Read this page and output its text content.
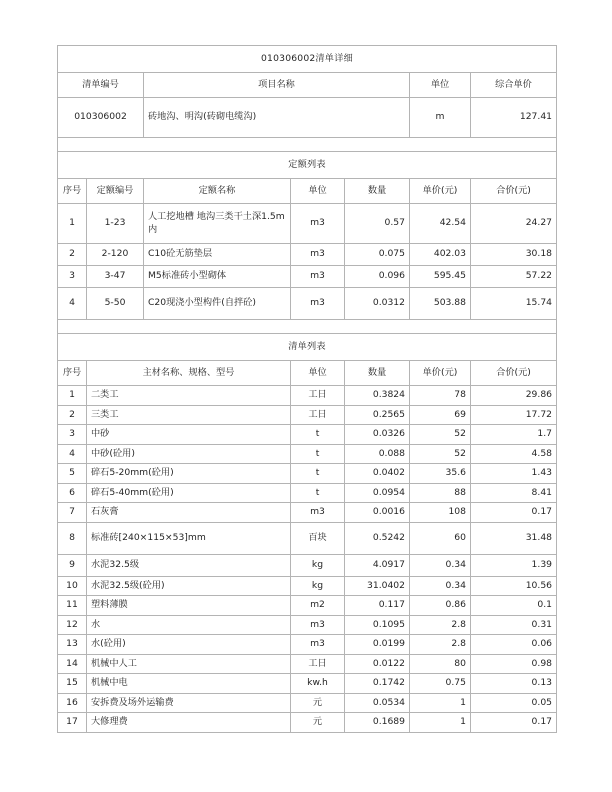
010306002清单详细						
清单编号		项目名称			单位	综合单价
010306002		砖地沟、明沟(砖砌电缆沟)			m	127.41

定额列表						
序号	定额编号	定额名称	单位	数量	单价(元)	合价(元)
1	1-23	人工挖地槽 地沟三类干土深1.5m内	m3	0.57	42.54	24.27
2	2-120	C10砼无筋垫层	m3	0.075	402.03	30.18
3	3-47	M5标准砖小型砌体	m3	0.096	595.45	57.22
4	5-50	C20现浇小型构件(自拌砼)	m3	0.0312	503.88	15.74

清单列表						
序号	主材名称、规格、型号		单位	数量	单价(元)	合价(元)
1	二类工		工日	0.3824	78	29.86
2	三类工		工日	0.2565	69	17.72
3	中砂		t	0.0326	52	1.7
4	中砂(砼用)		t	0.088	52	4.58
5	碎石5-20mm(砼用)		t	0.0402	35.6	1.43
6	碎石5-40mm(砼用)		t	0.0954	88	8.41
7	石灰膏		m3	0.0016	108	0.17
8	标准砖[240×115×53]mm		百块	0.5242	60	31.48
9	水泥32.5级		kg	4.0917	0.34	1.39
10	水泥32.5级(砼用)		kg	31.0402	0.34	10.56
11	塑料薄膜		m2	0.117	0.86	0.1
12	水		m3	0.1095	2.8	0.31
13	水(砼用)		m3	0.0199	2.8	0.06
14	机械中人工		工日	0.0122	80	0.98
15	机械中电		kw.h	0.1742	0.75	0.13
16	安拆费及场外运输费		元	0.0534	1	0.05
17	大修理费		元	0.1689	1	0.17
